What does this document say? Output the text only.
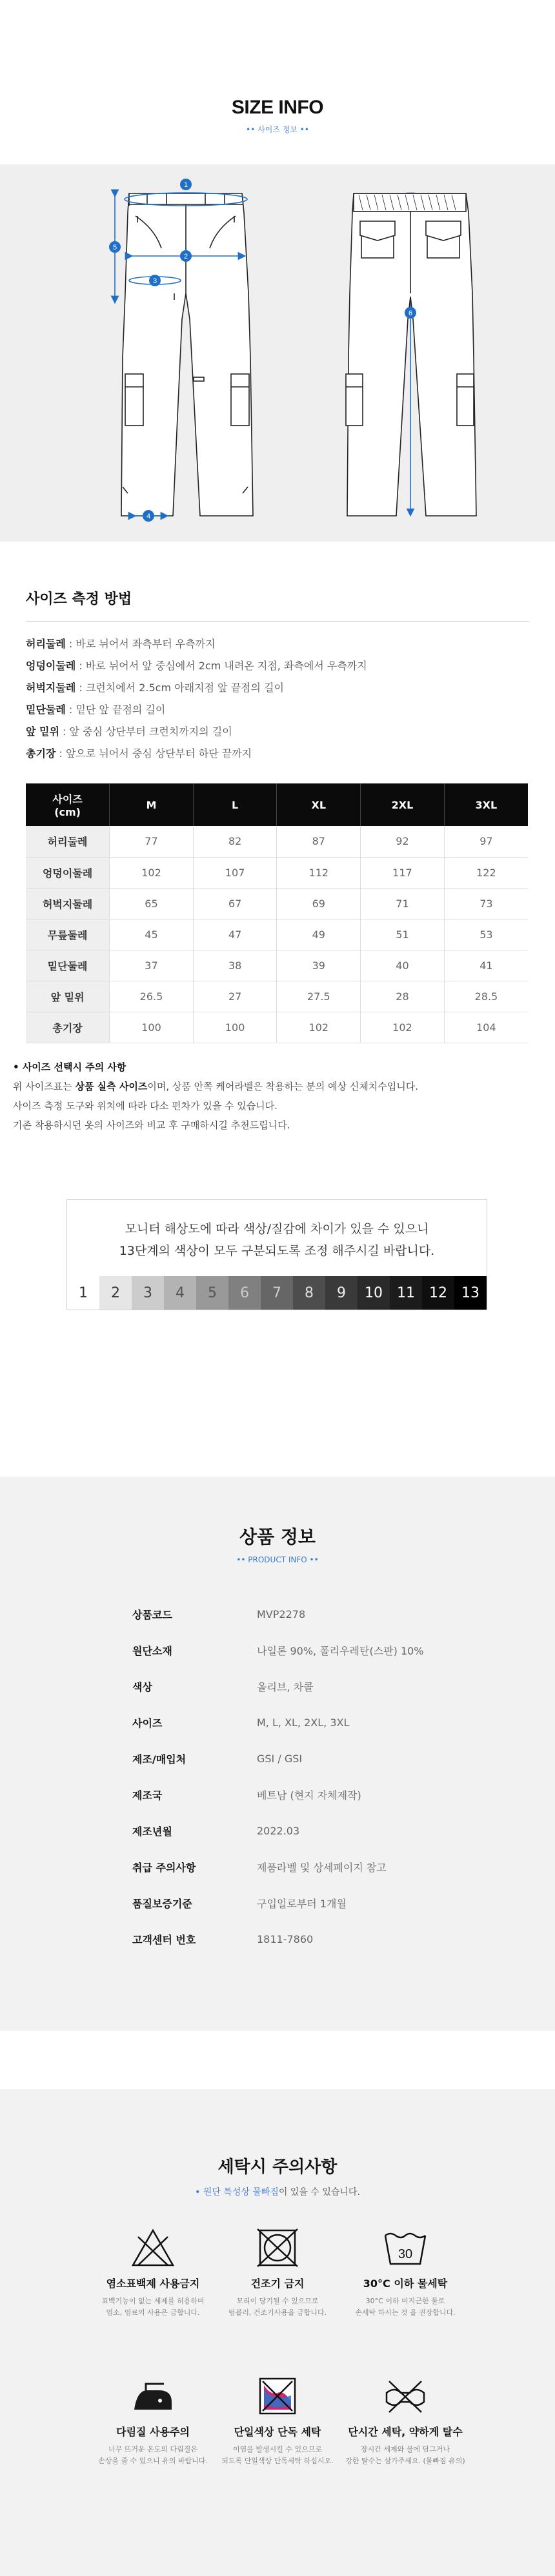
SIZE INFO
•• 사이즈 정보 ••
1
2
3
4
5
6
사이즈 측정 방법
허리둘레 : 바로 뉘어서 좌측부터 우측까지
엉덩이둘레 : 바로 뉘어서 앞 중심에서 2cm 내려온 지점, 좌측에서 우측까지
허벅지둘레 : 크런치에서 2.5cm 아래지점 앞 끝점의 길이
밑단둘레 : 밑단 앞 끝점의 길이
앞 밑위 : 앞 중심 상단부터 크런치까지의 길이
총기장 : 앞으로 뉘어서 중심 상단부터 하단 끝까지
사이즈
(cm)	M	L	XL	2XL	3XL
허리둘레	77	82	87	92	97
엉덩이둘레	102	107	112	117	122
허벅지둘레	65	67	69	71	73
무릎둘레	45	47	49	51	53
밑단둘레	37	38	39	40	41
앞 밑위	26.5	27	27.5	28	28.5
총기장	100	100	102	102	104
• 사이즈 선택시 주의 사항
위 사이즈표는 상품 실측 사이즈이며, 상품 안쪽 케어라벨은 착용하는 분의 예상 신체치수입니다.
사이즈 측정 도구와 위치에 따라 다소 편차가 있을 수 있습니다.
기존 착용하시던 옷의 사이즈와 비교 후 구매하시길 추천드립니다.
모니터 해상도에 따라 색상/질감에 차이가 있을 수 있으니
13단계의 색상이 모두 구분되도록 조정 해주시길 바랍니다.
1	2	3	4	5	6	7	8	9	10	11	12	13
상품 정보
•• PRODUCT INFO ••
상품코드	MVP2278
원단소재	나일론 90%, 폴리우레탄(스판) 10%
색상	올리브, 차콜
사이즈	M, L, XL, 2XL, 3XL
제조/매입처	GSI / GSI
제조국	베트남 (현지 자체제작)
제조년월	2022.03
취급 주의사항	제품라벨 및 상세페이지 참고
품질보증기준	구입일로부터 1개월
고객센터 번호	1811-7860
세탁시 주의사항
• 원단 특성상 물빠짐이 있을 수 있습니다.
염소표백제 사용금지
표백기능이 없는 세제를 허용하며
염소, 염료의 사용은 금합니다.
건조기 금지
모리이 당기될 수 있으므로
텀블러, 건조기사용을 금합니다.
30
30°C 이하 물세탁
30°C 이하 미지근한 물로
손세탁 하시는 것 을 권장합니다.
다림질 사용주의
너무 뜨거운 온도의 다림질은
손상을 줄 수 있으니 유의 바랍니다.
단일색상 단독 세탁
이염을 발생시킬 수 있으므로
되도록 단일색상 단독세탁 하십시오.
단시간 세탁, 약하게 탈수
장시간 세제와 물에 담그거나
강한 탈수는 삼가주세요. (물빠짐 유의)
